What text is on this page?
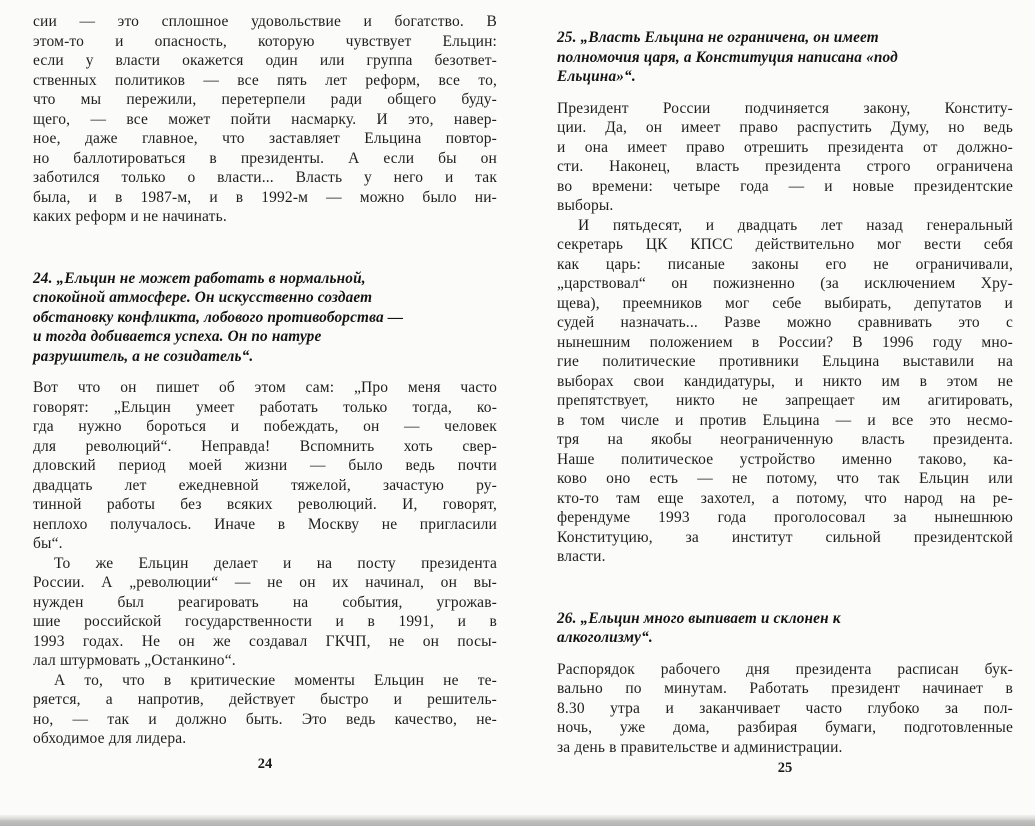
сии — это сплошное удовольствие и богатство. В
этом-то и опасность, которую чувствует Ельцин:
если у власти окажется один или группа безответ-
ственных политиков — все пять лет реформ, все то,
что мы пережили, перетерпели ради общего буду-
щего, — все может пойти насмарку. И это, навер-
ное, даже главное, что заставляет Ельцина повтор-
но баллотироваться в президенты. А если бы он
заботился только о власти... Власть у него и так
была, и в 1987-м, и в 1992-м — можно было ни-
каких реформ и не начинать.
24. „Ельцин не может работать в нормальной,
спокойной атмосфере. Он искусственно создает
обстановку конфликта, лобового противоборства —
и тогда добивается успеха. Он по натуре
разрушитель, а не созидатель“.
Вот что он пишет об этом сам: „Про меня часто
говорят: „Ельцин умеет работать только тогда, ко-
гда нужно бороться и побеждать, он — человек
для революций“. Неправда! Вспомнить хоть свер-
дловский период моей жизни — было ведь почти
двадцать лет ежедневной тяжелой, зачастую ру-
тинной работы без всяких революций. И, говорят,
неплохо получалось. Иначе в Москву не пригласили
бы“.
То же Ельцин делает и на посту президента
России. А „революции“ — не он их начинал, он вы-
нужден был реагировать на события, угрожав-
шие российской государственности и в 1991, и в
1993 годах. Не он же создавал ГКЧП, не он посы-
лал штурмовать „Останкино“.
А то, что в критические моменты Ельцин не те-
ряется, а напротив, действует быстро и решитель-
но, — так и должно быть. Это ведь качество, не-
обходимое для лидера.
25. „Власть Ельцина не ограничена, он имеет
полномочия царя, а Конституция написана «под
Ельцина»“.
Президент России подчиняется закону, Конститу-
ции. Да, он имеет право распустить Думу, но ведь
и она имеет право отрешить президента от должно-
сти. Наконец, власть президента строго ограничена
во времени: четыре года — и новые президентские
выборы.
И пятьдесят, и двадцать лет назад генеральный
секретарь ЦК КПСС действительно мог вести себя
как царь: писаные законы его не ограничивали,
„царствовал“ он пожизненно (за исключением Хру-
щева), преемников мог себе выбирать, депутатов и
судей назначать... Разве можно сравнивать это с
нынешним положением в России? В 1996 году мно-
гие политические противники Ельцина выставили на
выборах свои кандидатуры, и никто им в этом не
препятствует, никто не запрещает им агитировать,
в том числе и против Ельцина — и все это несмо-
тря на якобы неограниченную власть президента.
Наше политическое устройство именно таково, ка-
ково оно есть — не потому, что так Ельцин или
кто-то там еще захотел, а потому, что народ на ре-
ферендуме 1993 года проголосовал за нынешнюю
Конституцию, за институт сильной президентской
власти.
26. „Ельцин много выпивает и склонен к
алкоголизму“.
Распорядок рабочего дня президента расписан бук-
вально по минутам. Работать президент начинает в
8.30 утра и заканчивает часто глубоко за пол-
ночь, уже дома, разбирая бумаги, подготовленные
за день в правительстве и администрации.
24	25
